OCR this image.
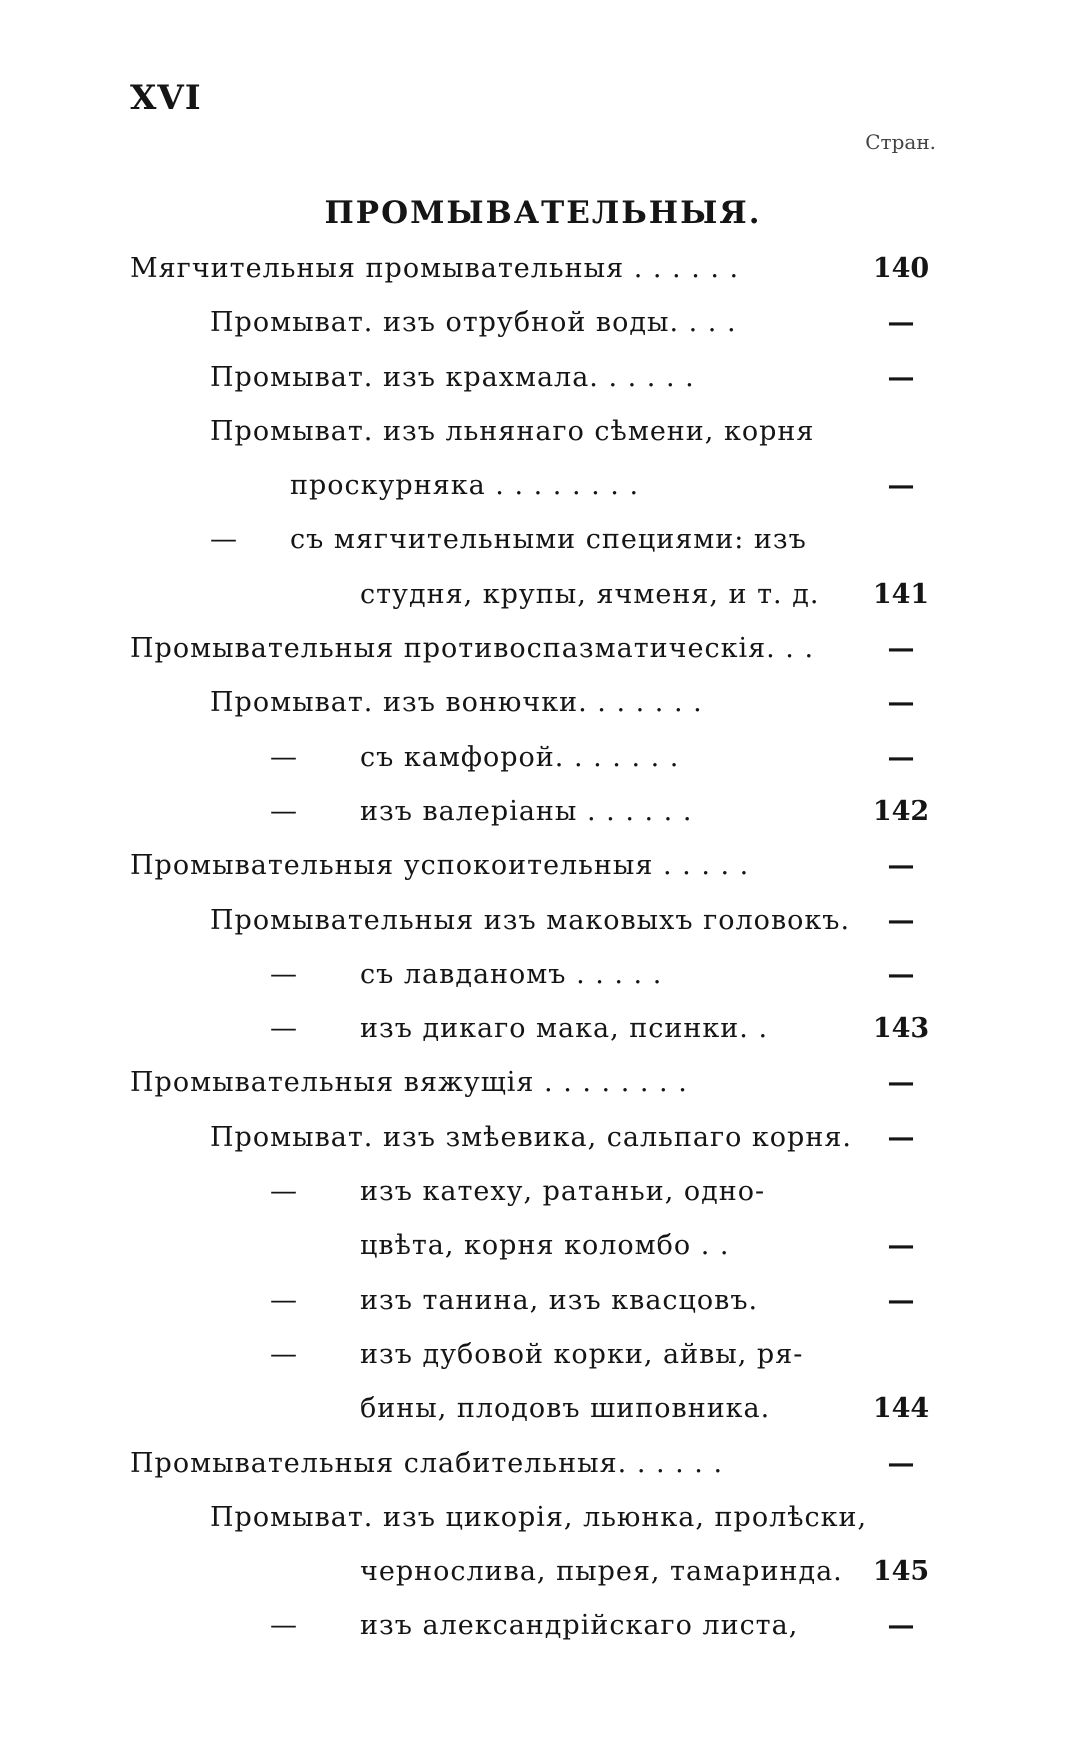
XVI
Стран.
ПРОМЫВАТЕЛЬНЫЯ.
Мягчительныя промывательныя . . . . . .	140
Промыват. изъ отрубной воды. . . .	—
Промыват. изъ крахмала. . . . . .	—
Промыват. изъ льнянаго сѣмени, корня
проскурняка . . . . . . . .	—
— съ мягчительными специями: изъ
студня, крупы, ячменя, и т. д. 141
Промывательныя противоспазматическія. . .	—
Промыват. изъ вонючки. . . . . . .	—
— съ камфорой. . . . . . .	—
— изъ валеріаны . . . . . .	142
Промывательныя успокоительныя . . . . .	—
Промывательныя изъ маковыхъ головокъ.	—
— съ лавданомъ . . . . .	—
— изъ дикаго мака, псинки. .	143
Промывательныя вяжущія . . . . . . . .	—
Промыват. изъ змѣевика, сальпаго корня.	—
— изъ катеху, ратаньи, одно-
цвѣта, корня коломбо . .	—
— изъ танина, изъ квасцовъ.	—
— изъ дубовой корки, айвы, ря-
бины, плодовъ шиповника.	144
Промывательныя слабительныя. . . . . .	—
Промыват. изъ цикорія, льюнка, пролѣски,
чернослива, пырея, тамаринда. 145
— изъ александрійскаго листа,	—
